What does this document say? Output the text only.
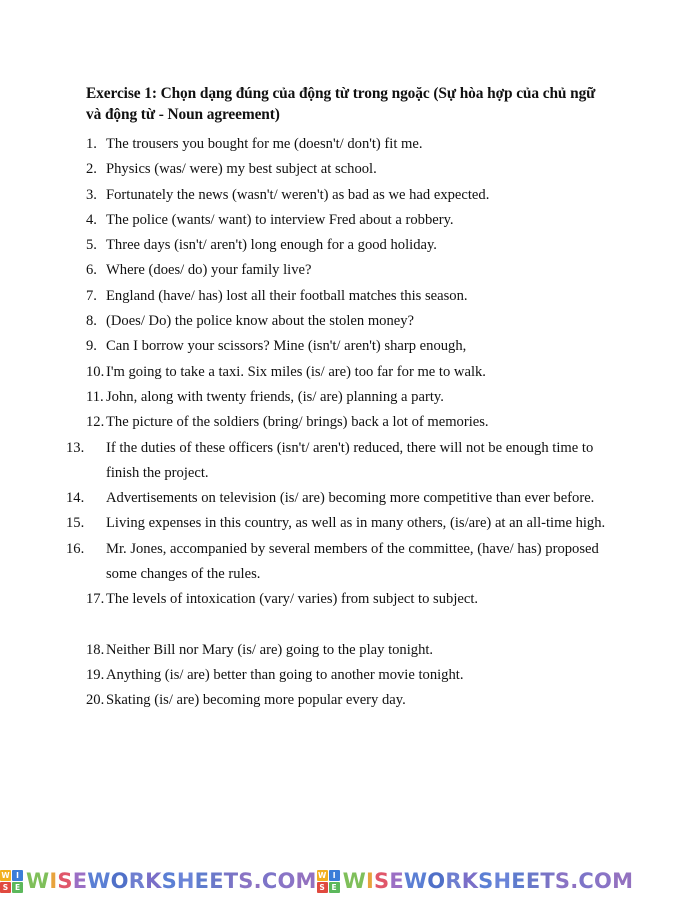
Exercise 1: Chọn dạng đúng của động từ trong ngoặc (Sự hòa hợp của chủ ngữ và động từ - Noun agreement)
1. The trousers you bought for me (doesn't/ don't) fit me.
2. Physics (was/ were) my best subject at school.
3. Fortunately the news (wasn't/ weren't) as bad as we had expected.
4. The police (wants/ want) to interview Fred about a robbery.
5. Three days (isn't/ aren't) long enough for a good holiday.
6. Where (does/ do) your family live?
7. England (have/ has) lost all their football matches this season.
8. (Does/ Do) the police know about the stolen money?
9. Can I borrow your scissors? Mine (isn't/ aren't) sharp enough,
10. I'm going to take a taxi. Six miles (is/ are) too far for me to walk.
11. John, along with twenty friends, (is/ are) planning a party.
12. The picture of the soldiers (bring/ brings) back a lot of memories.
13. If the duties of these officers (isn't/ aren't) reduced, there will not be enough time to finish the project.
14. Advertisements on television (is/ are) becoming more competitive than ever before.
15. Living expenses in this country, as well as in many others, (is/are) at an all-time high.
16. Mr. Jones, accompanied by several members of the committee, (have/ has) proposed some changes of the rules.
17. The levels of intoxication (vary/ varies) from subject to subject.
18. Neither Bill nor Mary (is/ are) going to the play tonight.
19. Anything (is/ are) better than going to another movie tonight.
20. Skating (is/ are) becoming more popular every day.
W I
S E WISEWORKSHEETS.COM W I
S E WISEWORKSHEETS.COM
